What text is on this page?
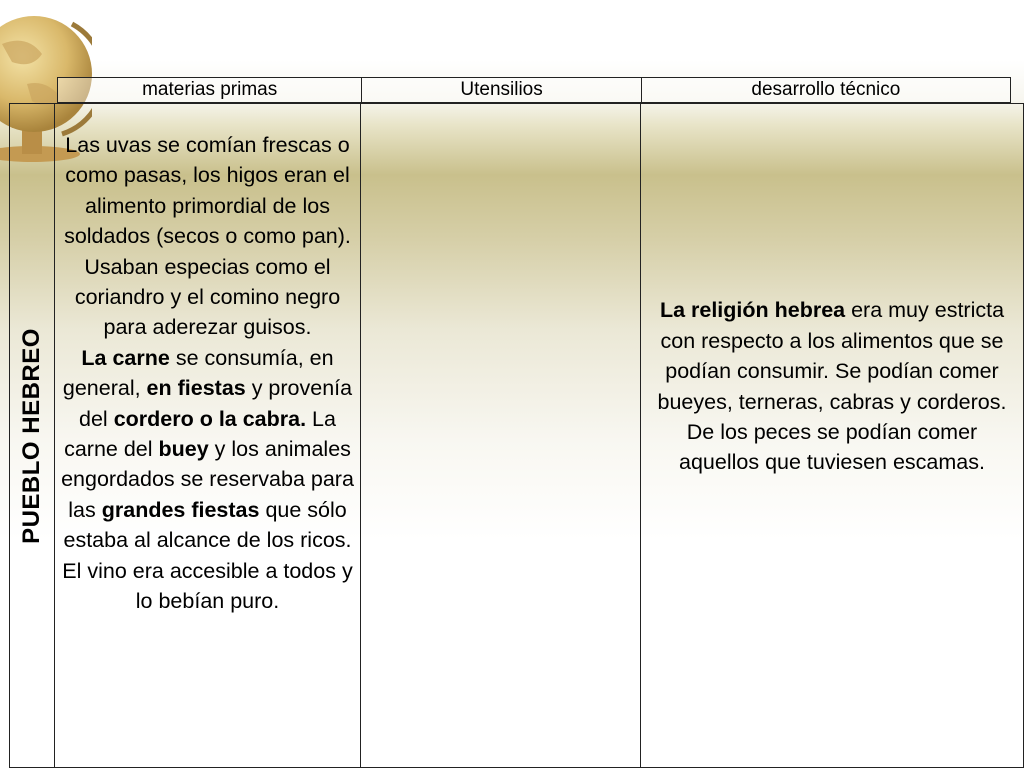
materias primas	Utensilios	desarrollo técnico
PUEBLO HEBREO

Las uvas se comían frescas o como pasas, los higos eran el alimento primordial de los soldados (secos o como pan). Usaban especias como el coriandro y el comino negro para aderezar guisos.
La carne se consumía, en general, en fiestas y provenía del cordero o la cabra. La carne del buey y los animales engordados se reservaba para las grandes fiestas que sólo estaba al alcance de los ricos.
El vino era accesible a todos y lo bebían puro.

La religión hebrea era muy estricta con respecto a los alimentos que se podían consumir. Se podían comer bueyes, terneras, cabras y corderos. De los peces se podían comer aquellos que tuviesen escamas.
